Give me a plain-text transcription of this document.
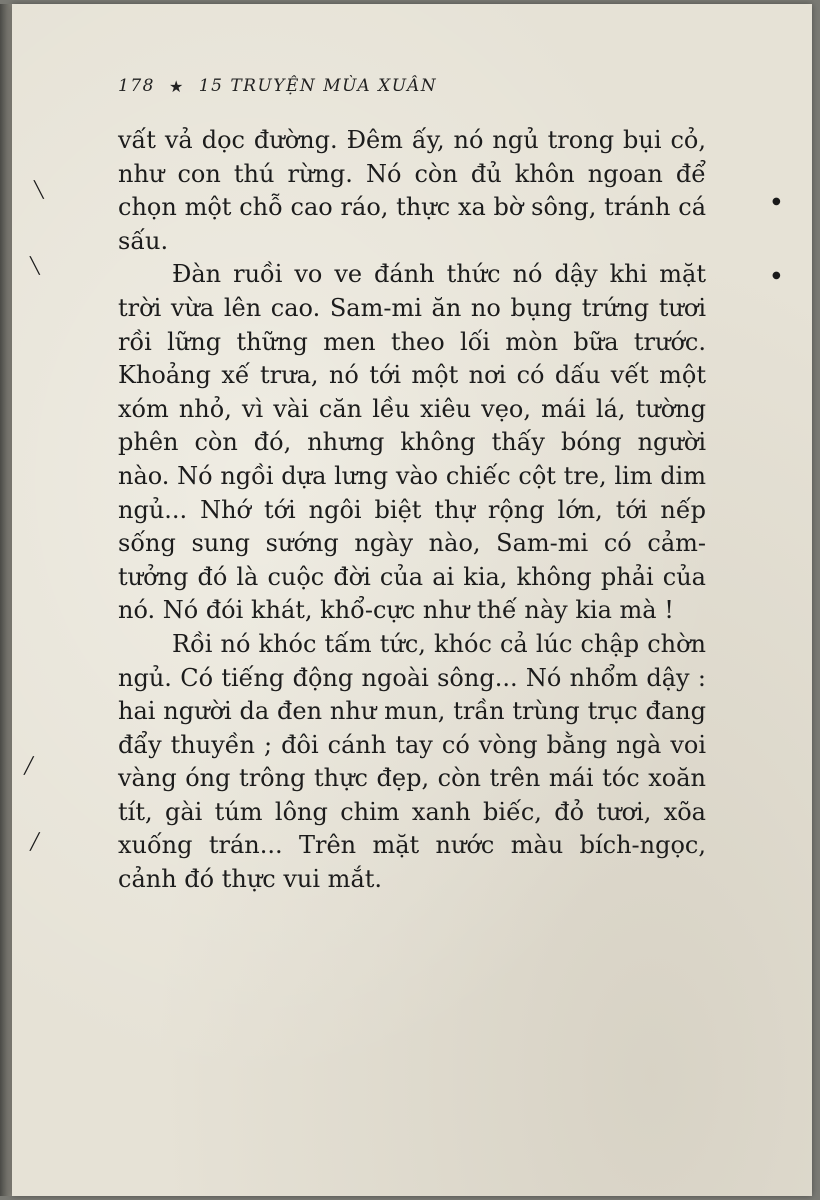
178 ★ 15 TRUYỆN MÙA XUÂN

vất vả dọc đường. Đêm ấy, nó ngủ trong bụi cỏ, như con thú rừng. Nó còn đủ khôn ngoan để chọn một chỗ cao ráo, thực xa bờ sông, tránh cá sấu.

Đàn ruồi vo ve đánh thức nó dậy khi mặt trời vừa lên cao. Sam-mi ăn no bụng trứng tươi rồi lững thững men theo lối mòn bữa trước. Khoảng xế trưa, nó tới một nơi có dấu vết một xóm nhỏ, vì vài căn lều xiêu vẹo, mái lá, tường phên còn đó, nhưng không thấy bóng người nào. Nó ngồi dựa lưng vào chiếc cột tre, lim dim ngủ... Nhớ tới ngôi biệt thự rộng lớn, tới nếp sống sung sướng ngày nào, Sam-mi có cảm-tưởng đó là cuộc đời của ai kia, không phải của nó. Nó đói khát, khổ-cực như thế này kia mà !

Rồi nó khóc tấm tức, khóc cả lúc chập chờn ngủ. Có tiếng động ngoài sông... Nó nhổm dậy : hai người da đen như mun, trần trùng trục đang đẩy thuyền ; đôi cánh tay có vòng bằng ngà voi vàng óng trông thực đẹp, còn trên mái tóc xoăn tít, gài túm lông chim xanh biếc, đỏ tươi, xõa xuống trán... Trên mặt nước màu bích-ngọc, cảnh đó thực vui mắt.

╲
╲
╱
╱
●
●
